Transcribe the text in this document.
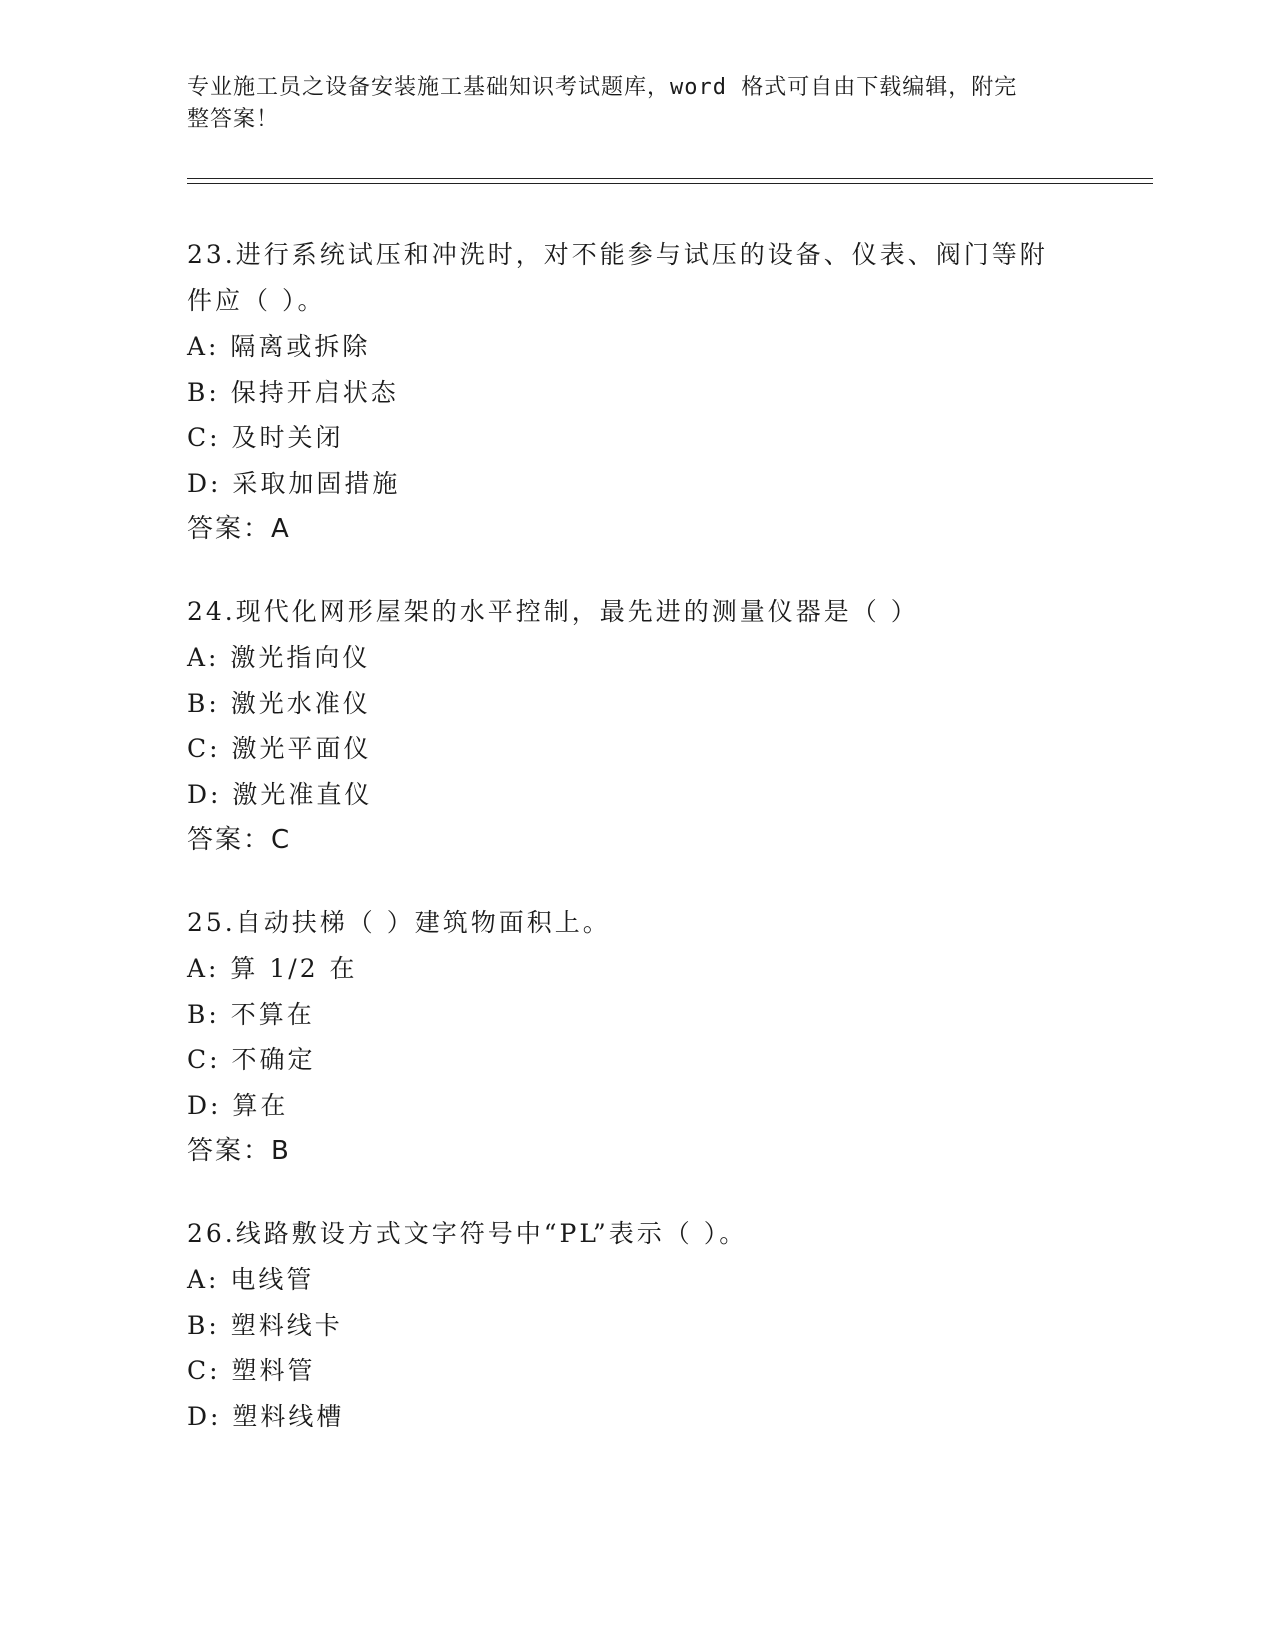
专业施工员之设备安装施工基础知识考试题库，word 格式可自由下载编辑，附完
整答案！
23.进行系统试压和冲洗时，对不能参与试压的设备、仪表、阀门等附
件应（ ）。
A: 隔离或拆除
B: 保持开启状态
C: 及时关闭
D: 采取加固措施
答案：A
24.现代化网形屋架的水平控制，最先进的测量仪器是（ ）
A: 激光指向仪
B: 激光水准仪
C: 激光平面仪
D: 激光准直仪
答案：C
25.自动扶梯（ ）建筑物面积上。
A: 算 1/2 在
B: 不算在
C: 不确定
D: 算在
答案：B
26.线路敷设方式文字符号中“PL”表示（ ）。
A: 电线管
B: 塑料线卡
C: 塑料管
D: 塑料线槽
